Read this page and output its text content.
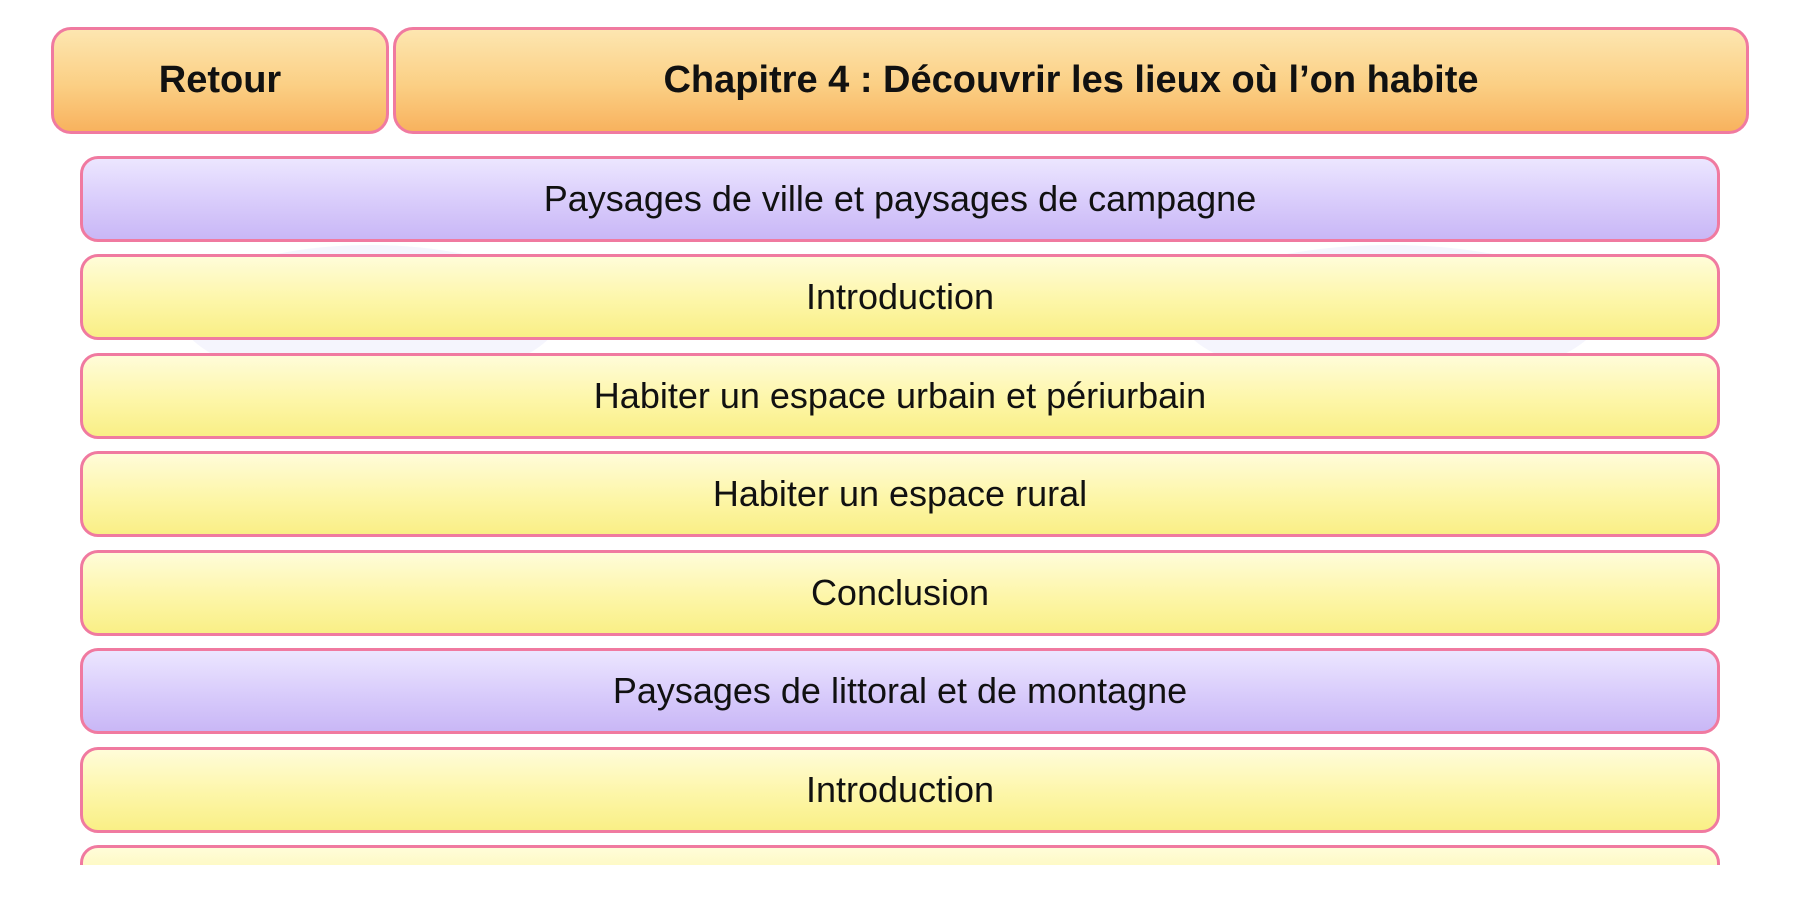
Retour	Chapitre 4 : Découvrir les lieux où l’on habite
Paysages de ville et paysages de campagne
Introduction
Habiter un espace urbain et périurbain
Habiter un espace rural
Conclusion
Paysages de littoral et de montagne
Introduction
